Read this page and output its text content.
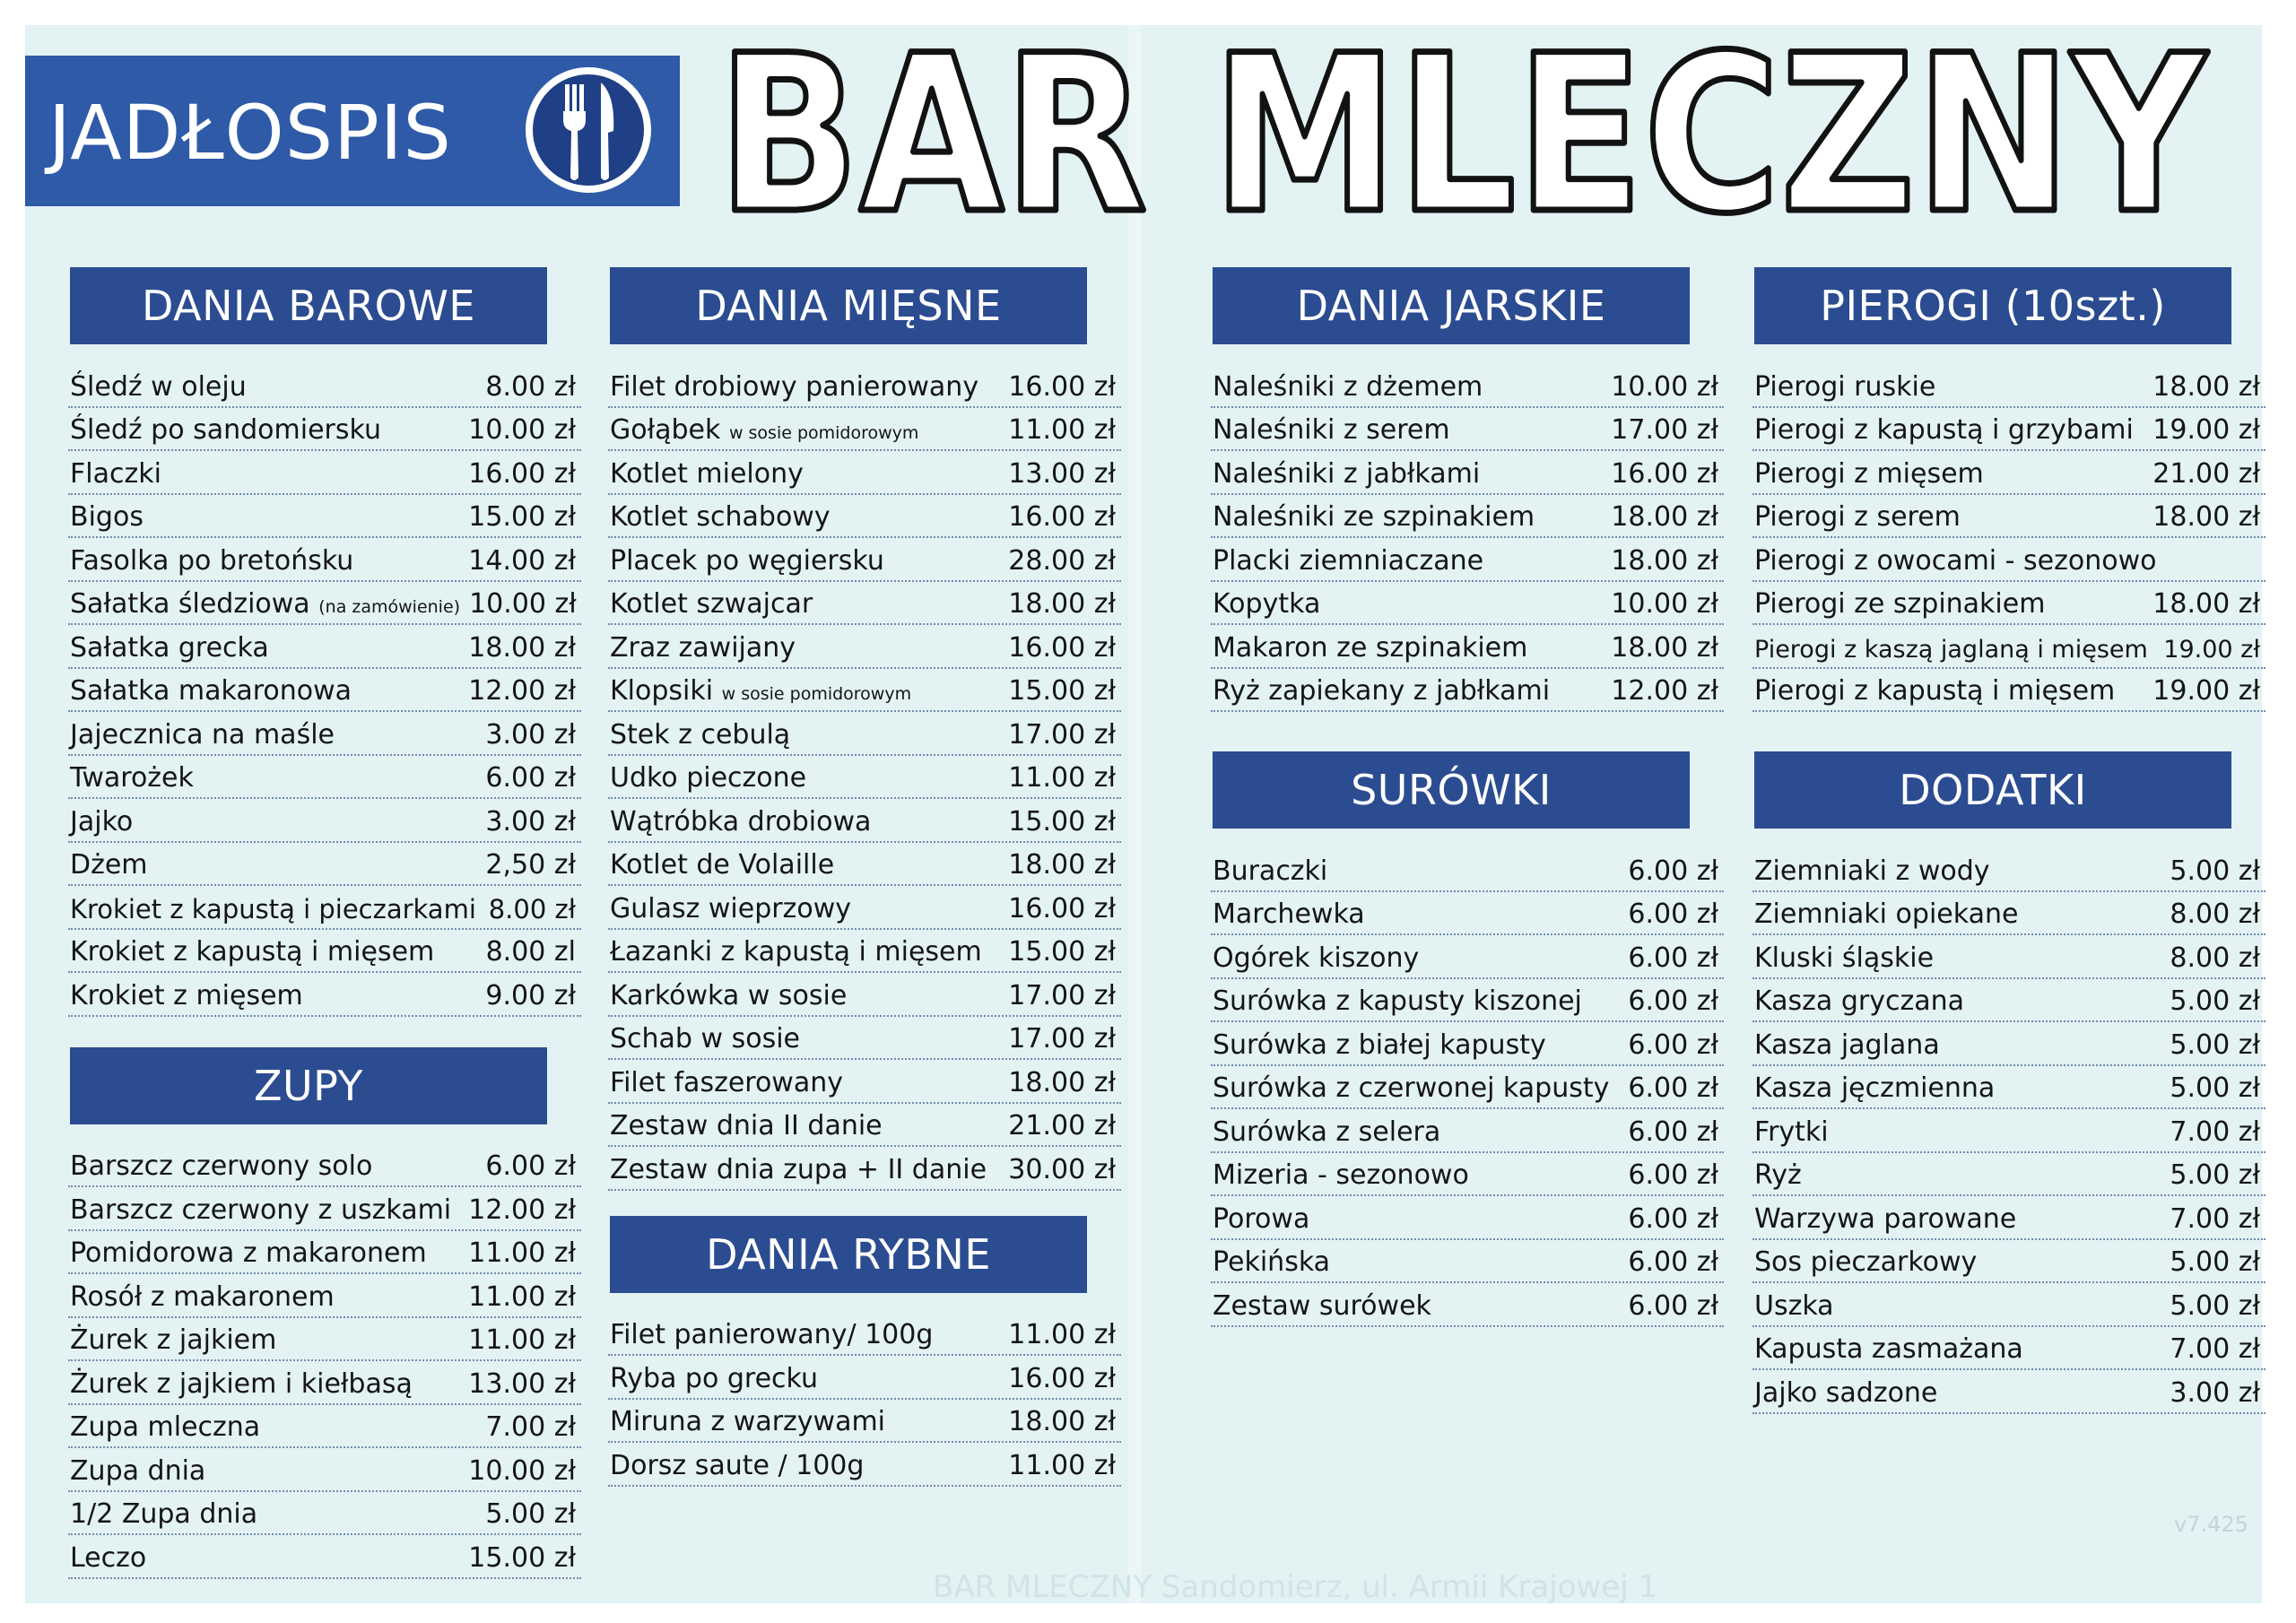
JADŁOSPIS BAR MLECZNY
DANIA BAROWE
Śledź w oleju	8.00 zł
Śledź po sandomiersku	10.00 zł
Flaczki	16.00 zł
Bigos	15.00 zł
Fasolka po bretońsku	14.00 zł
Sałatka śledziowa (na zamówienie) 10.00 zł
Sałatka grecka	18.00 zł
Sałatka makaronowa	12.00 zł
Jajecznica na maśle	3.00 zł
Twarożek	6.00 zł
Jajko	3.00 zł
Dżem	2,50 zł
Krokiet z kapustą i pieczarkami 8.00 zł
Krokiet z kapustą i mięsem	8.00 zl
Krokiet z mięsem	9.00 zł
ZUPY
Barszcz czerwony solo	6.00 zł
Barszcz czerwony z uszkami 12.00 zł
Pomidorowa z makaronem	11.00 zł
Rosół z makaronem	11.00 zł
Żurek z jajkiem	11.00 zł
Żurek z jajkiem i kiełbasą	13.00 zł
Zupa mleczna	7.00 zł
Zupa dnia	10.00 zł
1/2 Zupa dnia	5.00 zł
Leczo	15.00 zł
DANIA MIĘSNE
Filet drobiowy panierowany	16.00 zł
Gołąbek w sosie pomidorowym	11.00 zł
Kotlet mielony	13.00 zł
Kotlet schabowy	16.00 zł
Placek po węgiersku	28.00 zł
Kotlet szwajcar	18.00 zł
Zraz zawijany	16.00 zł
Klopsiki w sosie pomidorowym	15.00 zł
Stek z cebulą	17.00 zł
Udko pieczone	11.00 zł
Wątróbka drobiowa	15.00 zł
Kotlet de Volaille	18.00 zł
Gulasz wieprzowy	16.00 zł
Łazanki z kapustą i mięsem 15.00 zł
Karkówka w sosie	17.00 zł
Schab w sosie	17.00 zł
Filet faszerowany	18.00 zł
Zestaw dnia II danie	21.00 zł
Zestaw dnia zupa + II danie 30.00 zł
DANIA RYBNE
Filet panierowany/ 100g	11.00 zł
Ryba po grecku	16.00 zł
Miruna z warzywami	18.00 zł
Dorsz saute / 100g	11.00 zł
DANIA JARSKIE
Naleśniki z dżemem	10.00 zł
Naleśniki z serem	17.00 zł
Naleśniki z jabłkami	16.00 zł
Naleśniki ze szpinakiem	18.00 zł
Placki ziemniaczane	18.00 zł
Kopytka	10.00 zł
Makaron ze szpinakiem	18.00 zł
Ryż zapiekany z jabłkami	12.00 zł
SURÓWKI
Buraczki	6.00 zł
Marchewka	6.00 zł
Ogórek kiszony	6.00 zł
Surówka z kapusty kiszonej	6.00 zł
Surówka z białej kapusty	6.00 zł
Surówka z czerwonej kapusty 6.00 zł
Surówka z selera	6.00 zł
Mizeria - sezonowo	6.00 zł
Porowa	6.00 zł
Pekińska	6.00 zł
Zestaw surówek	6.00 zł
PIEROGI (10szt.)
Pierogi ruskie	18.00 zł
Pierogi z kapustą i grzybami 19.00 zł
Pierogi z mięsem	21.00 zł
Pierogi z serem	18.00 zł
Pierogi z owocami - sezonowo
Pierogi ze szpinakiem	18.00 zł
Pierogi z kaszą jaglaną i mięsem 19.00 zł
Pierogi z kapustą i mięsem	19.00 zł
DODATKI
Ziemniaki z wody	5.00 zł
Ziemniaki opiekane	8.00 zł
Kluski śląskie	8.00 zł
Kasza gryczana	5.00 zł
Kasza jaglana	5.00 zł
Kasza jęczmienna	5.00 zł
Frytki	7.00 zł
Ryż	5.00 zł
Warzywa parowane	7.00 zł
Sos pieczarkowy	5.00 zł
Uszka	5.00 zł
Kapusta zasmażana	7.00 zł
Jajko sadzone	3.00 zł
BAR MLECZNY Sandomierz, ul. Armii Krajowej 1
v7.425
